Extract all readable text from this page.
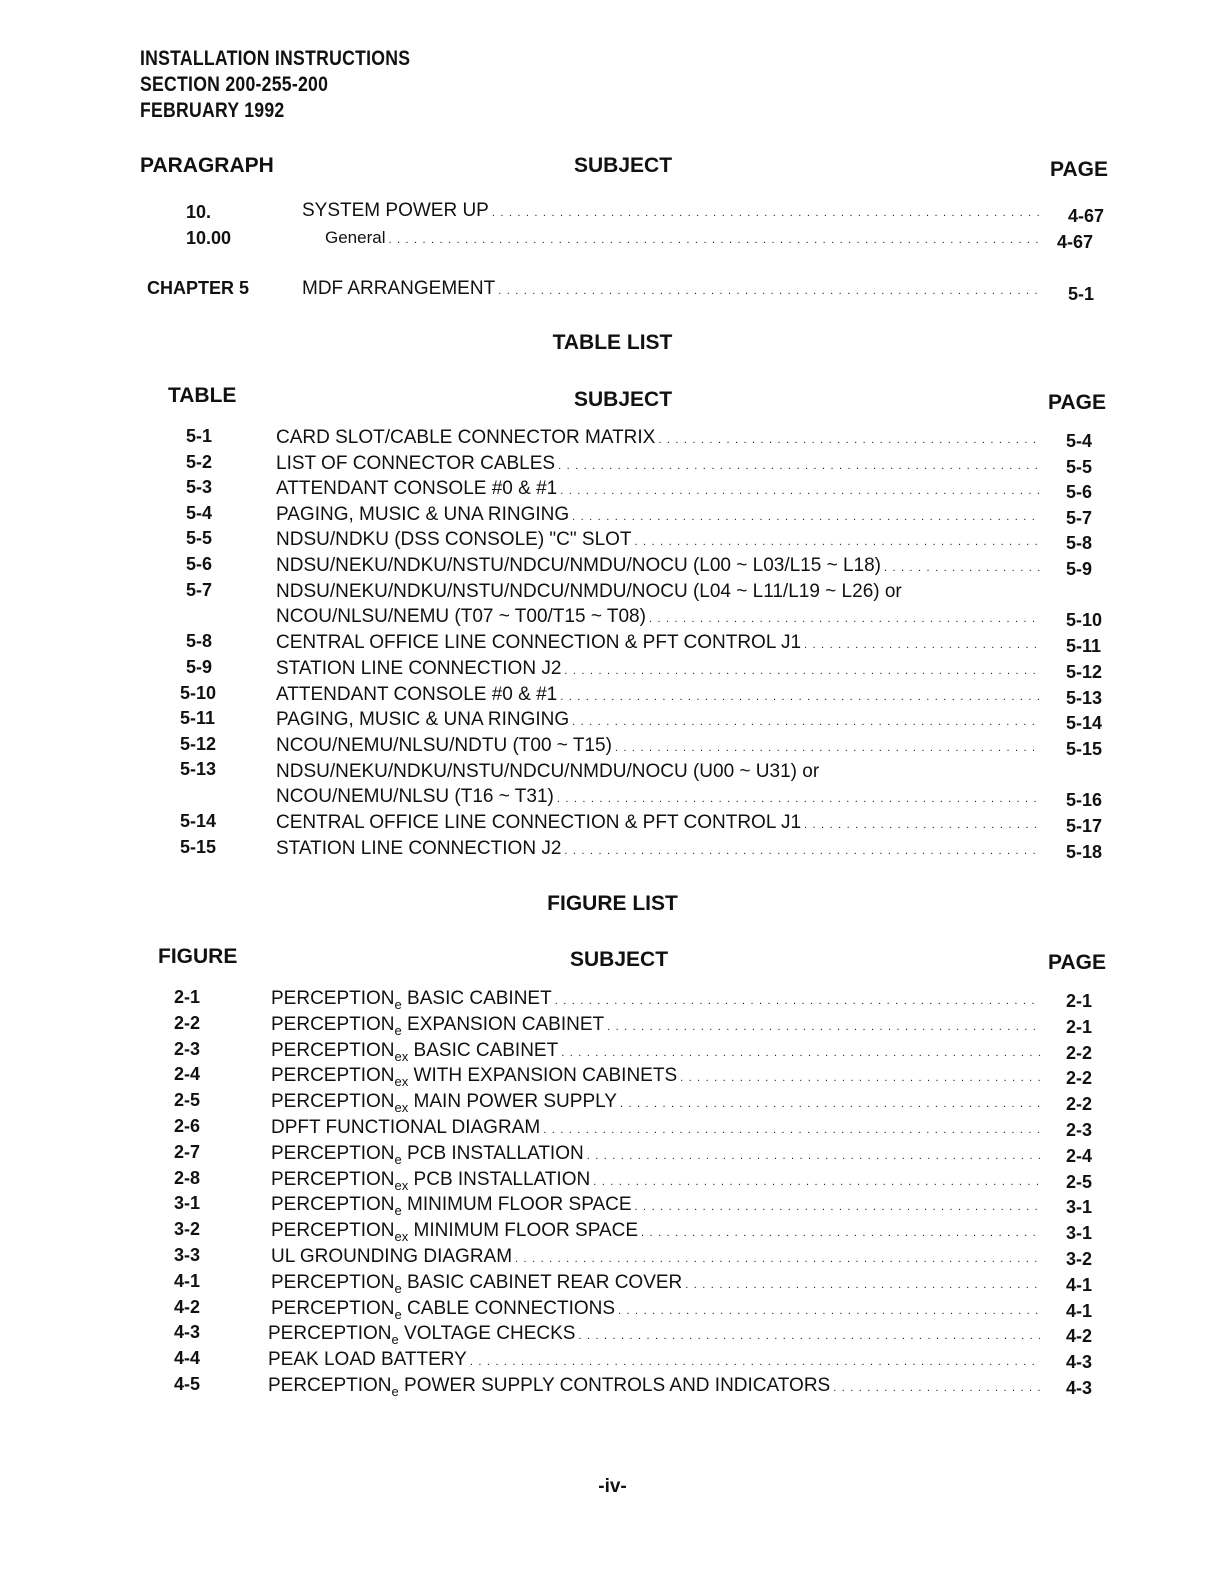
INSTALLATION INSTRUCTIONS
SECTION 200-255-200
FEBRUARY 1992
PARAGRAPH	SUBJECT	PAGE
10.	SYSTEM POWER UP . . .	4-67
10.00	General . . .	4-67
CHAPTER 5	MDF ARRANGEMENT . . .	5-1
TABLE LIST
TABLE	SUBJECT	PAGE
5-1	CARD SLOT/CABLE CONNECTOR MATRIX . . .	5-4
5-2	LIST OF CONNECTOR CABLES . . .	5-5
5-3	ATTENDANT CONSOLE #0 & #1 . . .	5-6
5-4	PAGING, MUSIC & UNA RINGING . . .	5-7
5-5	NDSU/NDKU (DSS CONSOLE) "C" SLOT . . .	5-8
5-6	NDSU/NEKU/NDKU/NSTU/NDCU/NMDU/NOCU (L00 ~ L03/L15 ~ L18) . . .	5-9
5-7	NDSU/NEKU/NDKU/NSTU/NDCU/NMDU/NOCU (L04 ~ L11/L19 ~ L26) or
NCOU/NLSU/NEMU (T07 ~ T00/T15 ~ T08) . . .	5-10
5-8	CENTRAL OFFICE LINE CONNECTION & PFT CONTROL J1 . . .	5-11
5-9	STATION LINE CONNECTION J2 . . .	5-12
5-10	ATTENDANT CONSOLE #0 & #1 . . .	5-13
5-11	PAGING, MUSIC & UNA RINGING . . .	5-14
5-12	NCOU/NEMU/NLSU/NDTU (T00 ~ T15) . . .	5-15
5-13	NDSU/NEKU/NDKU/NSTU/NDCU/NMDU/NOCU (U00 ~ U31) or
NCOU/NEMU/NLSU (T16 ~ T31) . . .	5-16
5-14	CENTRAL OFFICE LINE CONNECTION & PFT CONTROL J1 . . .	5-17
5-15	STATION LINE CONNECTION J2 . . .	5-18
FIGURE LIST
FIGURE	SUBJECT	PAGE
2-1	$PERCEPTION_e$ BASIC CABINET . . .	2-1
2-2	$PERCEPTION_e$ EXPANSION CABINET . . .	2-1
2-3	$PERCEPTION_{ex}$ BASIC CABINET . . .	2-2
2-4	$PERCEPTION_{ex}$ WITH EXPANSION CABINETS . . .	2-2
2-5	$PERCEPTION_{ex}$ MAIN POWER SUPPLY . . .	2-2
2-6	DPFT FUNCTIONAL DIAGRAM . . .	2-3
2-7	$PERCEPTION_e$ PCB INSTALLATION . . .	2-4
2-8	$PERCEPTION_{ex}$ PCB INSTALLATION . . .	2-5
3-1	$PERCEPTION_e$ MINIMUM FLOOR SPACE . . .	3-1
3-2	$PERCEPTION_{ex}$ MINIMUM FLOOR SPACE . . .	3-1
3-3	UL GROUNDING DIAGRAM . . .	3-2
4-1	$PERCEPTION_e$ BASIC CABINET REAR COVER . . .	4-1
4-2	$PERCEPTION_e$ CABLE CONNECTIONS . . .	4-1
4-3	$PERCEPTION_e$ VOLTAGE CHECKS . . .	4-2
4-4	PEAK LOAD BATTERY . . .	4-3
4-5	$PERCEPTION_e$ POWER SUPPLY CONTROLS AND INDICATORS . . .	4-3
-iv-
